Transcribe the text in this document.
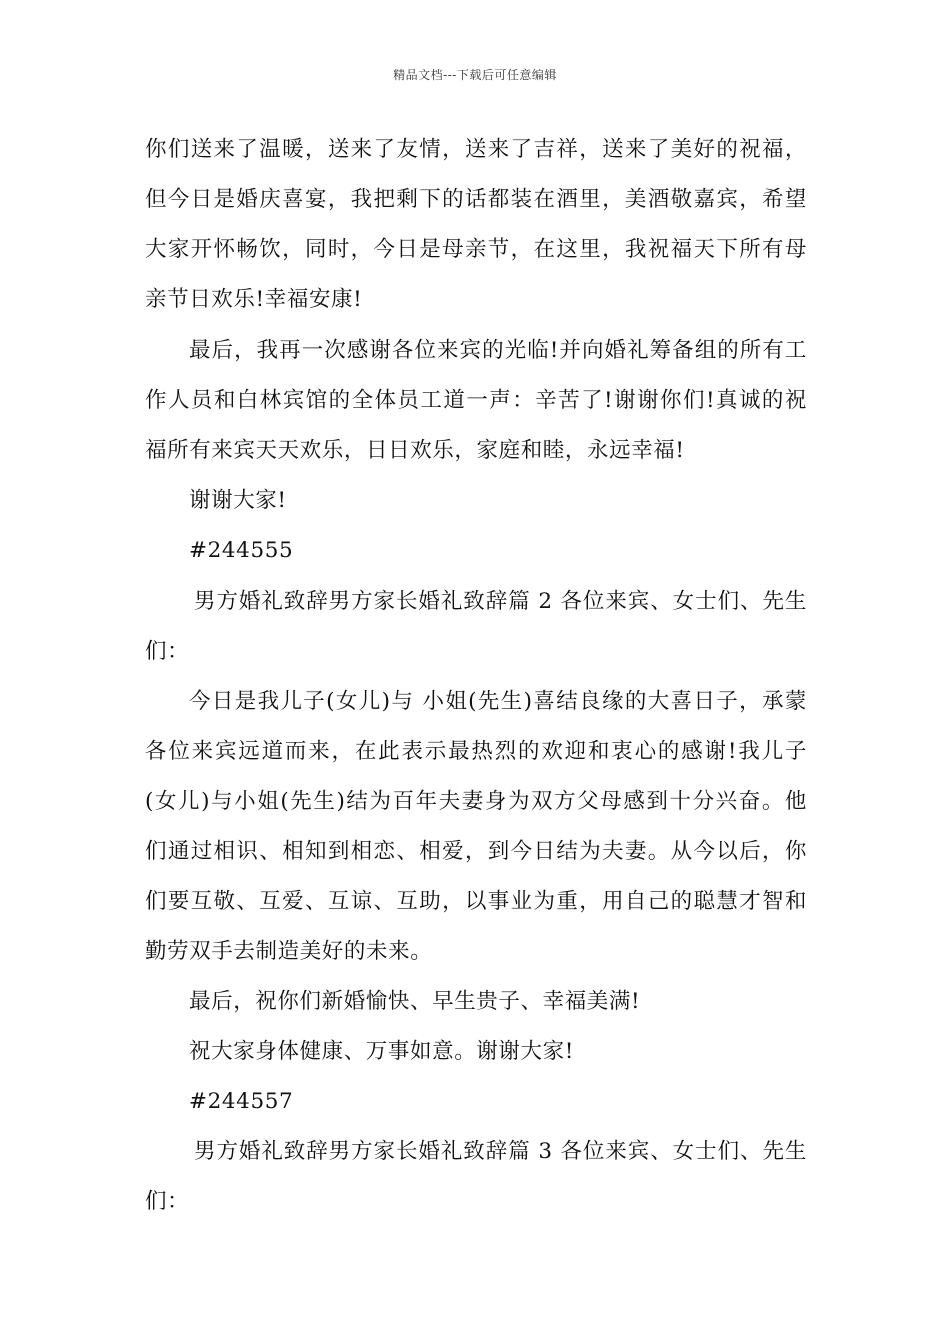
精品文档---下载后可任意编辑
你们送来了温暖，送来了友情，送来了吉祥，送来了美好的祝福，
但今日是婚庆喜宴，我把剩下的话都装在酒里，美酒敬嘉宾，希望
大家开怀畅饮，同时，今日是母亲节，在这里，我祝福天下所有母
亲节日欢乐!幸福安康!
最后，我再一次感谢各位来宾的光临!并向婚礼筹备组的所有工
作人员和白林宾馆的全体员工道一声：辛苦了!谢谢你们!真诚的祝
福所有来宾天天欢乐，日日欢乐，家庭和睦，永远幸福!
谢谢大家!
#244555
男方婚礼致辞男方家长婚礼致辞篇 2 各位来宾、女士们、先生
们：
今日是我儿子(女儿)与 小姐(先生)喜结良缘的大喜日子，承蒙
各位来宾远道而来，在此表示最热烈的欢迎和衷心的感谢!我儿子
(女儿)与小姐(先生)结为百年夫妻身为双方父母感到十分兴奋。他
们通过相识、相知到相恋、相爱，到今日结为夫妻。从今以后，你
们要互敬、互爱、互谅、互助，以事业为重，用自己的聪慧才智和
勤劳双手去制造美好的未来。
最后，祝你们新婚愉快、早生贵子、幸福美满!
祝大家身体健康、万事如意。谢谢大家!
#244557
男方婚礼致辞男方家长婚礼致辞篇 3 各位来宾、女士们、先生
们：
